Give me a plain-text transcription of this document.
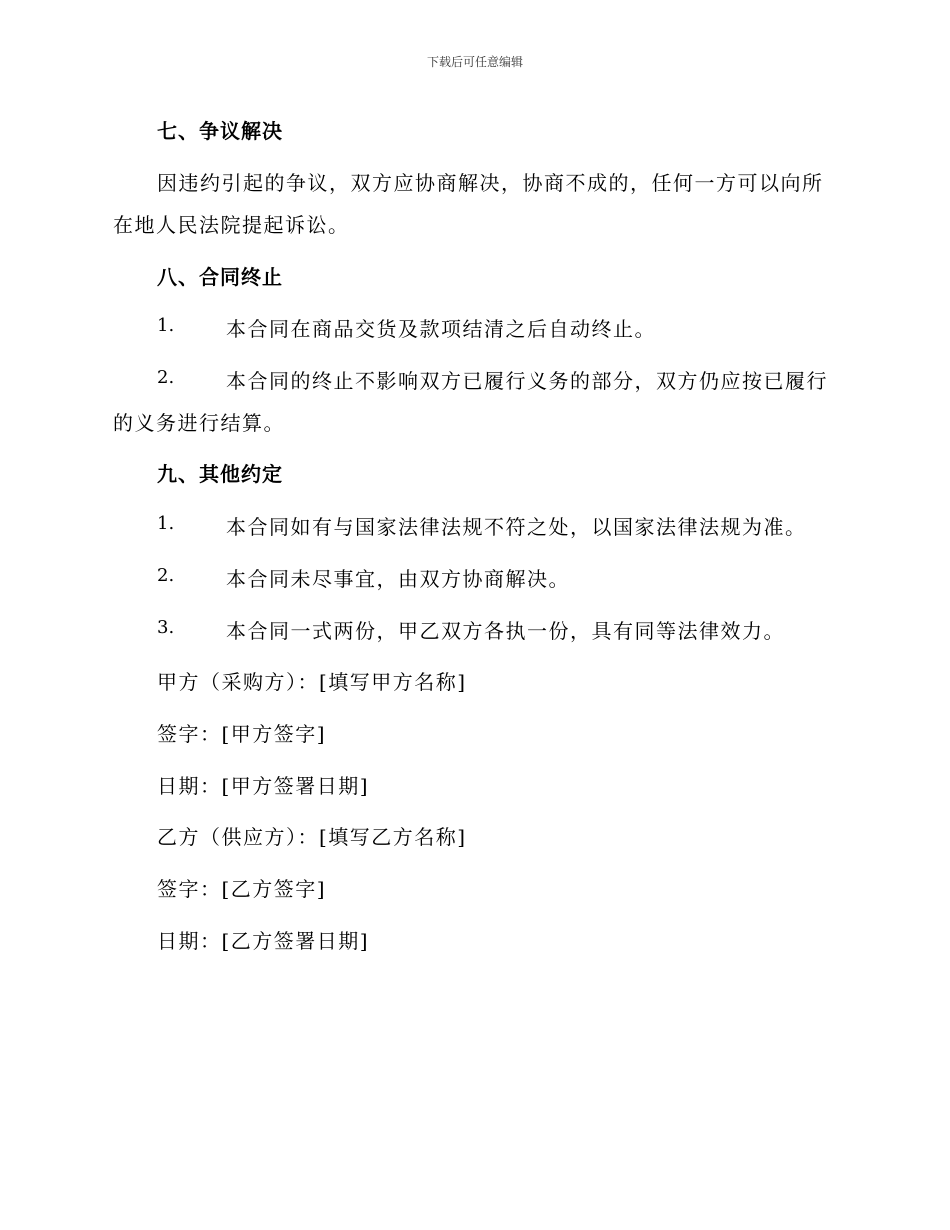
下载后可任意编辑
七、争议解决
因违约引起的争议，双方应协商解决，协商不成的，任何一方可以向所
在地人民法院提起诉讼。
八、合同终止
1.	本合同在商品交货及款项结清之后自动终止。
2.	本合同的终止不影响双方已履行义务的部分，双方仍应按已履行
的义务进行结算。
九、其他约定
1.	本合同如有与国家法律法规不符之处，以国家法律法规为准。
2.	本合同未尽事宜，由双方协商解决。
3.	本合同一式两份，甲乙双方各执一份，具有同等法律效力。
甲方（采购方）：[填写甲方名称]
签字：[甲方签字]
日期：[甲方签署日期]
乙方（供应方）：[填写乙方名称]
签字：[乙方签字]
日期：[乙方签署日期]
